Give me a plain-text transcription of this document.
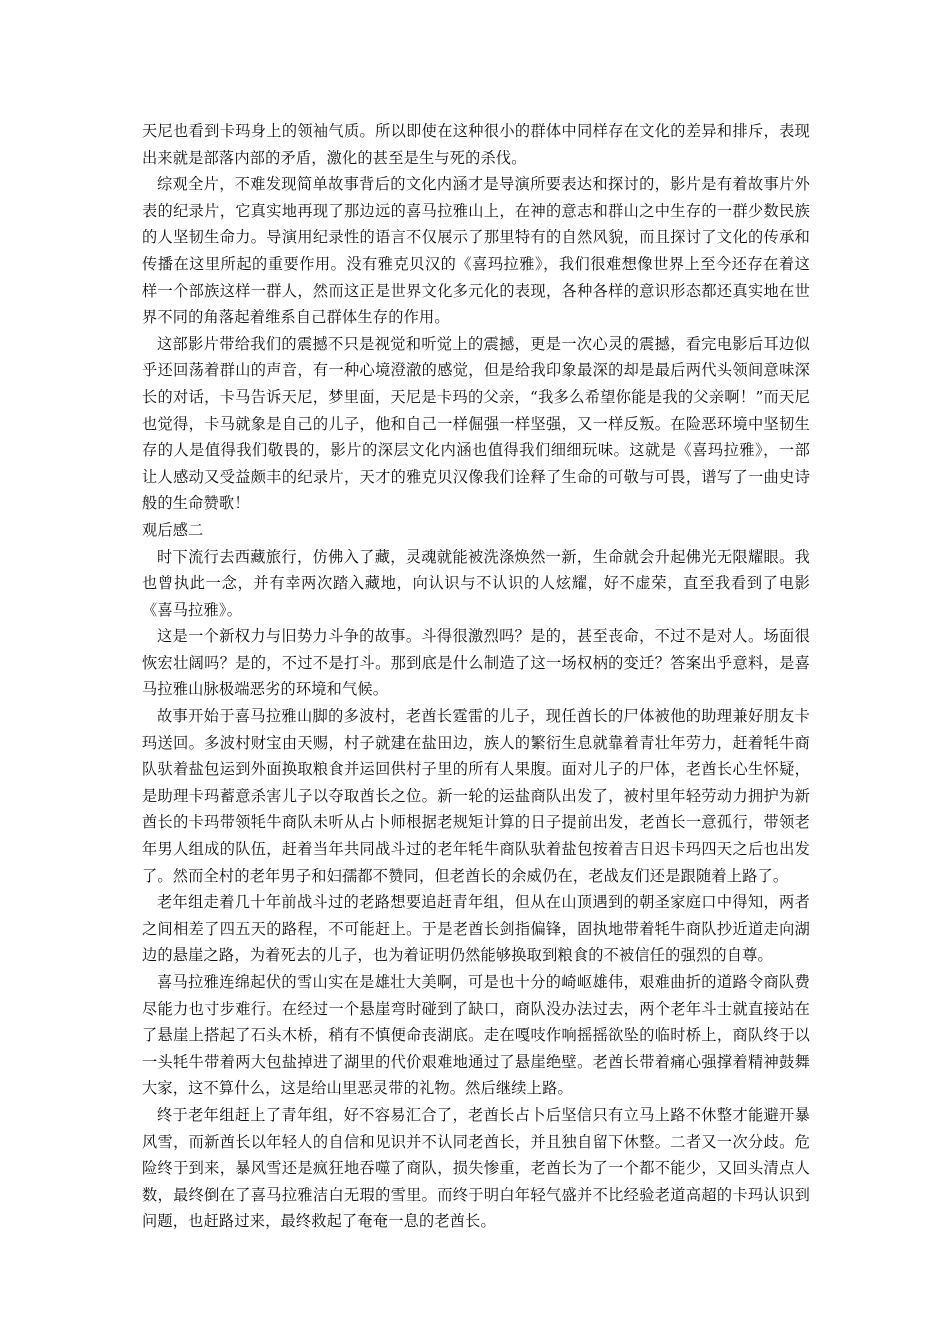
天尼也看到卡玛身上的领袖气质。所以即使在这种很小的群体中同样存在文化的差异和排斥，表现出来就是部落内部的矛盾，激化的甚至是生与死的杀伐。

综观全片，不难发现简单故事背后的文化内涵才是导演所要表达和探讨的，影片是有着故事片外表的纪录片，它真实地再现了那边远的喜马拉雅山上，在神的意志和群山之中生存的一群少数民族的人坚韧生命力。导演用纪录性的语言不仅展示了那里特有的自然风貌，而且探讨了文化的传承和传播在这里所起的重要作用。没有雅克贝汉的《喜玛拉雅》，我们很难想像世界上至今还存在着这样一个部族这样一群人，然而这正是世界文化多元化的表现，各种各样的意识形态都还真实地在世界不同的角落起着维系自己群体生存的作用。

这部影片带给我们的震撼不只是视觉和听觉上的震撼，更是一次心灵的震撼，看完电影后耳边似乎还回荡着群山的声音，有一种心境澄澈的感觉，但是给我印象最深的却是最后两代头领间意味深长的对话，卡马告诉天尼，梦里面，天尼是卡玛的父亲，“我多么希望你能是我的父亲啊！”而天尼也觉得，卡马就象是自己的儿子，他和自己一样倔强一样坚强，又一样反叛。在险恶环境中坚韧生存的人是值得我们敬畏的，影片的深层文化内涵也值得我们细细玩味。这就是《喜玛拉雅》，一部让人感动又受益颇丰的纪录片，天才的雅克贝汉像我们诠释了生命的可敬与可畏，谱写了一曲史诗般的生命赞歌！

观后感二

时下流行去西藏旅行，仿佛入了藏，灵魂就能被洗涤焕然一新，生命就会升起佛光无限耀眼。我也曾执此一念，并有幸两次踏入藏地，向认识与不认识的人炫耀，好不虚荣，直至我看到了电影《喜马拉雅》。

这是一个新权力与旧势力斗争的故事。斗得很激烈吗？是的，甚至丧命，不过不是对人。场面很恢宏壮阔吗？是的，不过不是打斗。那到底是什么制造了这一场权柄的变迁？答案出乎意料，是喜马拉雅山脉极端恶劣的环境和气候。

故事开始于喜马拉雅山脚的多波村，老酋长霆雷的儿子，现任酋长的尸体被他的助理兼好朋友卡玛送回。多波村财宝由天赐，村子就建在盐田边，族人的繁衍生息就靠着青壮年劳力，赶着牦牛商队驮着盐包运到外面换取粮食并运回供村子里的所有人果腹。面对儿子的尸体，老酋长心生怀疑，是助理卡玛蓄意杀害儿子以夺取酋长之位。新一轮的运盐商队出发了，被村里年轻劳动力拥护为新酋长的卡玛带领牦牛商队未听从占卜师根据老规矩计算的日子提前出发，老酋长一意孤行，带领老年男人组成的队伍，赶着当年共同战斗过的老年牦牛商队驮着盐包按着吉日迟卡玛四天之后也出发了。然而全村的老年男子和妇孺都不赞同，但老酋长的余威仍在，老战友们还是跟随着上路了。

老年组走着几十年前战斗过的老路想要追赶青年组，但从在山顶遇到的朝圣家庭口中得知，两者之间相差了四五天的路程，不可能赶上。于是老酋长剑指偏锋，固执地带着牦牛商队抄近道走向湖边的悬崖之路，为着死去的儿子，也为着证明仍然能够换取到粮食的不被信任的强烈的自尊。

喜马拉雅连绵起伏的雪山实在是雄壮大美啊，可是也十分的崎岖雄伟，艰难曲折的道路令商队费尽能力也寸步难行。在经过一个悬崖弯时碰到了缺口，商队没办法过去，两个老年斗士就直接站在了悬崖上搭起了石头木桥，稍有不慎便命丧湖底。走在嘎吱作响摇摇欲坠的临时桥上，商队终于以一头牦牛带着两大包盐掉进了湖里的代价艰难地通过了悬崖绝壁。老酋长带着痛心强撑着精神鼓舞大家，这不算什么，这是给山里恶灵带的礼物。然后继续上路。

终于老年组赶上了青年组，好不容易汇合了，老酋长占卜后坚信只有立马上路不休整才能避开暴风雪，而新酋长以年轻人的自信和见识并不认同老酋长，并且独自留下休整。二者又一次分歧。危险终于到来，暴风雪还是疯狂地吞噬了商队，损失惨重，老酋长为了一个都不能少，又回头清点人数，最终倒在了喜马拉雅洁白无瑕的雪里。而终于明白年轻气盛并不比经验老道高超的卡玛认识到问题，也赶路过来，最终救起了奄奄一息的老酋长。
